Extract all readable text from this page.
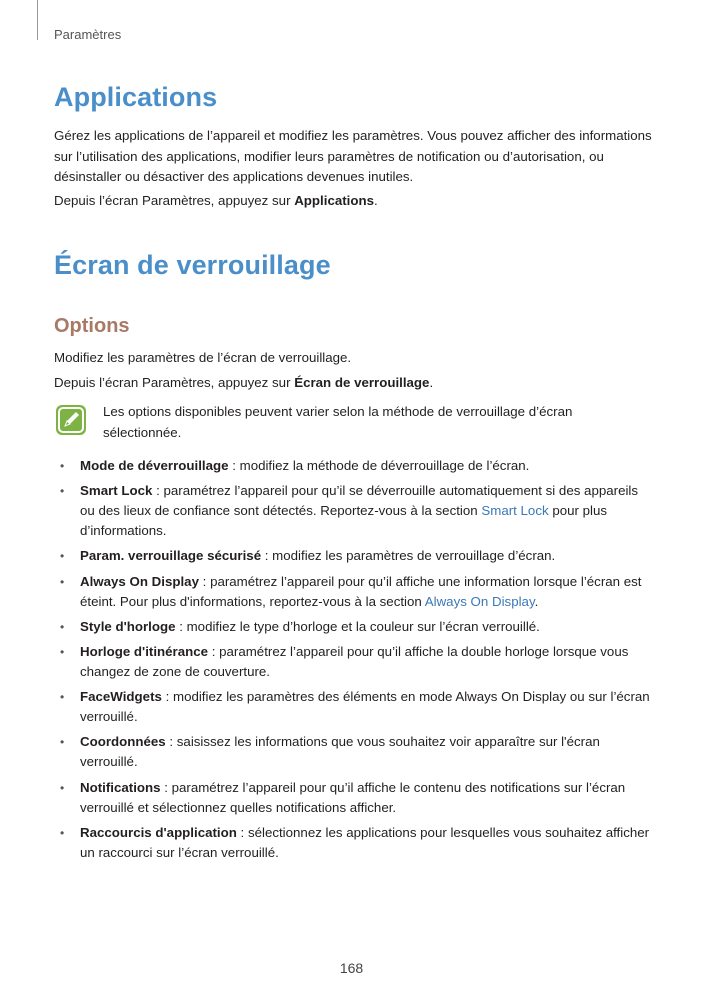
Paramètres
Applications
Gérez les applications de l’appareil et modifiez les paramètres. Vous pouvez afficher des informations sur l’utilisation des applications, modifier leurs paramètres de notification ou d’autorisation, ou désinstaller ou désactiver des applications devenues inutiles.
Depuis l’écran Paramètres, appuyez sur Applications.
Écran de verrouillage
Options
Modifiez les paramètres de l’écran de verrouillage.
Depuis l’écran Paramètres, appuyez sur Écran de verrouillage.
Les options disponibles peuvent varier selon la méthode de verrouillage d’écran sélectionnée.
• Mode de déverrouillage : modifiez la méthode de déverrouillage de l’écran.
• Smart Lock : paramétrez l’appareil pour qu’il se déverrouille automatiquement si des appareils ou des lieux de confiance sont détectés. Reportez-vous à la section Smart Lock pour plus d’informations.
• Param. verrouillage sécurisé : modifiez les paramètres de verrouillage d’écran.
• Always On Display : paramétrez l’appareil pour qu’il affiche une information lorsque l’écran est éteint. Pour plus d'informations, reportez-vous à la section Always On Display.
• Style d'horloge : modifiez le type d’horloge et la couleur sur l’écran verrouillé.
• Horloge d'itinérance : paramétrez l’appareil pour qu’il affiche la double horloge lorsque vous changez de zone de couverture.
• FaceWidgets : modifiez les paramètres des éléments en mode Always On Display ou sur l’écran verrouillé.
• Coordonnées : saisissez les informations que vous souhaitez voir apparaître sur l'écran verrouillé.
• Notifications : paramétrez l’appareil pour qu’il affiche le contenu des notifications sur l’écran verrouillé et sélectionnez quelles notifications afficher.
• Raccourcis d'application : sélectionnez les applications pour lesquelles vous souhaitez afficher un raccourci sur l’écran verrouillé.
168
